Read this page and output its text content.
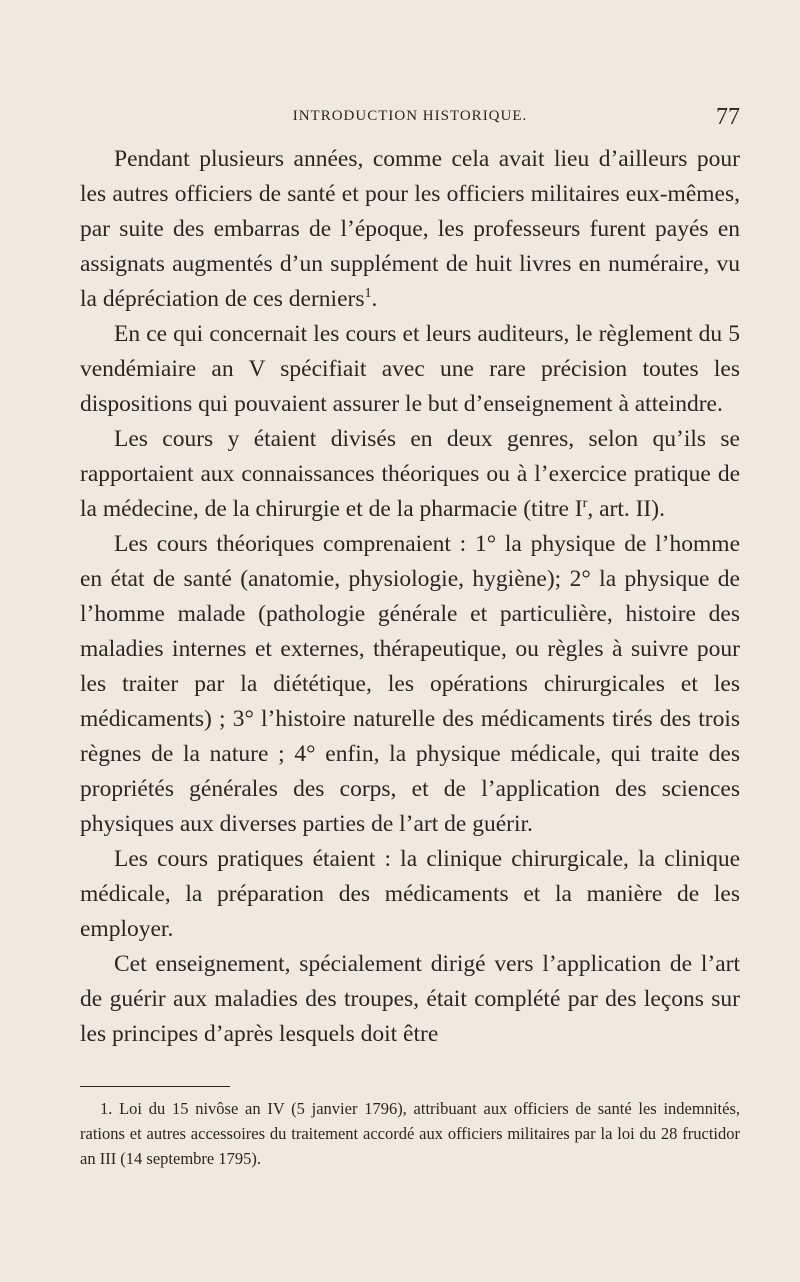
INTRODUCTION HISTORIQUE.	77

Pendant plusieurs années, comme cela avait lieu d’ailleurs pour les autres officiers de santé et pour les officiers militaires eux-mêmes, par suite des embarras de l’époque, les professeurs furent payés en assignats augmentés d’un supplément de huit livres en numéraire, vu la dépréciation de ces derniers$^1$.

En ce qui concernait les cours et leurs auditeurs, le règlement du 5 vendémiaire an V spécifiait avec une rare précision toutes les dispositions qui pouvaient assurer le but d’enseignement à atteindre.

Les cours y étaient divisés en deux genres, selon qu’ils se rapportaient aux connaissances théoriques ou à l’exercice pratique de la médecine, de la chirurgie et de la pharmacie (titre $I^r$, art. II).

Les cours théoriques comprenaient : 1° la physique de l’homme en état de santé (anatomie, physiologie, hygiène); 2° la physique de l’homme malade (pathologie générale et particulière, histoire des maladies internes et externes, thérapeutique, ou règles à suivre pour les traiter par la diététique, les opérations chirurgicales et les médicaments) ; 3° l’histoire naturelle des médicaments tirés des trois règnes de la nature ; 4° enfin, la physique médicale, qui traite des propriétés générales des corps, et de l’application des sciences physiques aux diverses parties de l’art de guérir.

Les cours pratiques étaient : la clinique chirurgicale, la clinique médicale, la préparation des médicaments et la manière de les employer.

Cet enseignement, spécialement dirigé vers l’application de l’art de guérir aux maladies des troupes, était complété par des leçons sur les principes d’après lesquels doit être

1. Loi du 15 nivôse an IV (5 janvier 1796), attribuant aux officiers de santé les indemnités, rations et autres accessoires du traitement accordé aux officiers militaires par la loi du 28 fructidor an III (14 septembre 1795).
